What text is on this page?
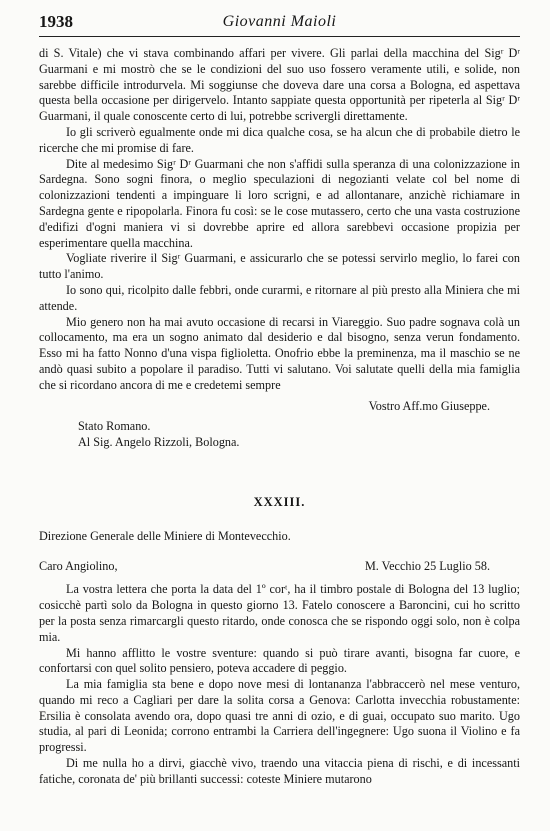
1938	Giovanni Maioli

di S. Vitale) che vi stava combinando affari per vivere. Gli parlai della macchina del Sigʳ Dʳ Guarmani e mi mostrò che se le condizioni del suo uso fossero veramente utili, e solide, non sarebbe difficile introdurvela. Mi soggiunse che doveva dare una corsa a Bologna, ed aspettava questa bella occasione per dirigervelo. Intanto sappiate questa opportunità per ripeterla al Sigʳ Dʳ Guarmani, il quale conoscente certo di lui, potrebbe scrivergli direttamente.

Io gli scriverò egualmente onde mi dica qualche cosa, se ha alcun che di probabile dietro le ricerche che mi promise di fare.

Dite al medesimo Sigʳ Dʳ Guarmani che non s'affidi sulla speranza di una colonizzazione in Sardegna. Sono sogni finora, o meglio speculazioni di negozianti velate col bel nome di colonizzazioni tendenti a impinguare li loro scrigni, e ad allontanare, anzichè richiamare in Sardegna gente e ripopolarla. Finora fu così: se le cose mutassero, certo che una vasta costruzione d'edifizi d'ogni maniera vi si dovrebbe aprire ed allora sarebbevi occasione propizia per esperimentare quella macchina.

Vogliate riverire il Sigʳ Guarmani, e assicurarlo che se potessi servirlo meglio, lo farei con tutto l'animo.

Io sono qui, ricolpito dalle febbri, onde curarmi, e ritornare al più presto alla Miniera che mi attende.

Mio genero non ha mai avuto occasione di recarsi in Viareggio. Suo padre sognava colà un collocamento, ma era un sogno animato dal desiderio e dal bisogno, senza verun fondamento. Esso mi ha fatto Nonno d'una vispa figlioletta. Onofrio ebbe la preminenza, ma il maschio se ne andò quasi subito a popolare il paradiso. Tutti vi salutano. Voi salutate quelli della mia famiglia che si ricordano ancora di me e credetemi sempre

Vostro Aff.mo Giuseppe.

Stato Romano.

Al Sig. Angelo Rizzoli, Bologna.

XXXIII.

Direzione Generale delle Miniere di Montevecchio.

Caro Angiolino,	M. Vecchio 25 Luglio 58.

La vostra lettera che porta la data del 1º corᵗ, ha il timbro postale di Bologna del 13 luglio; cosicchè partì solo da Bologna in questo giorno 13. Fatelo conoscere a Baroncini, cui ho scritto per la posta senza rimarcargli questo ritardo, onde conosca che se rispondo oggi solo, non è colpa mia.

Mi hanno afflitto le vostre sventure: quando si può tirare avanti, bisogna far cuore, e confortarsi con quel solito pensiero, poteva accadere di peggio.

La mia famiglia sta bene e dopo nove mesi di lontananza l'abbraccerò nel mese venturo, quando mi reco a Cagliari per dare la solita corsa a Genova: Carlotta invecchia robustamente: Ersilia è consolata avendo ora, dopo quasi tre anni di ozio, e di guai, occupato suo marito. Ugo studia, al pari di Leonida; corrono entrambi la Carriera dell'ingegnere: Ugo suona il Violino e fa progressi.

Di me nulla ho a dirvi, giacchè vivo, traendo una vitaccia piena di rischi, e di incessanti fatiche, coronata de' più brillanti successi: coteste Miniere mutarono
